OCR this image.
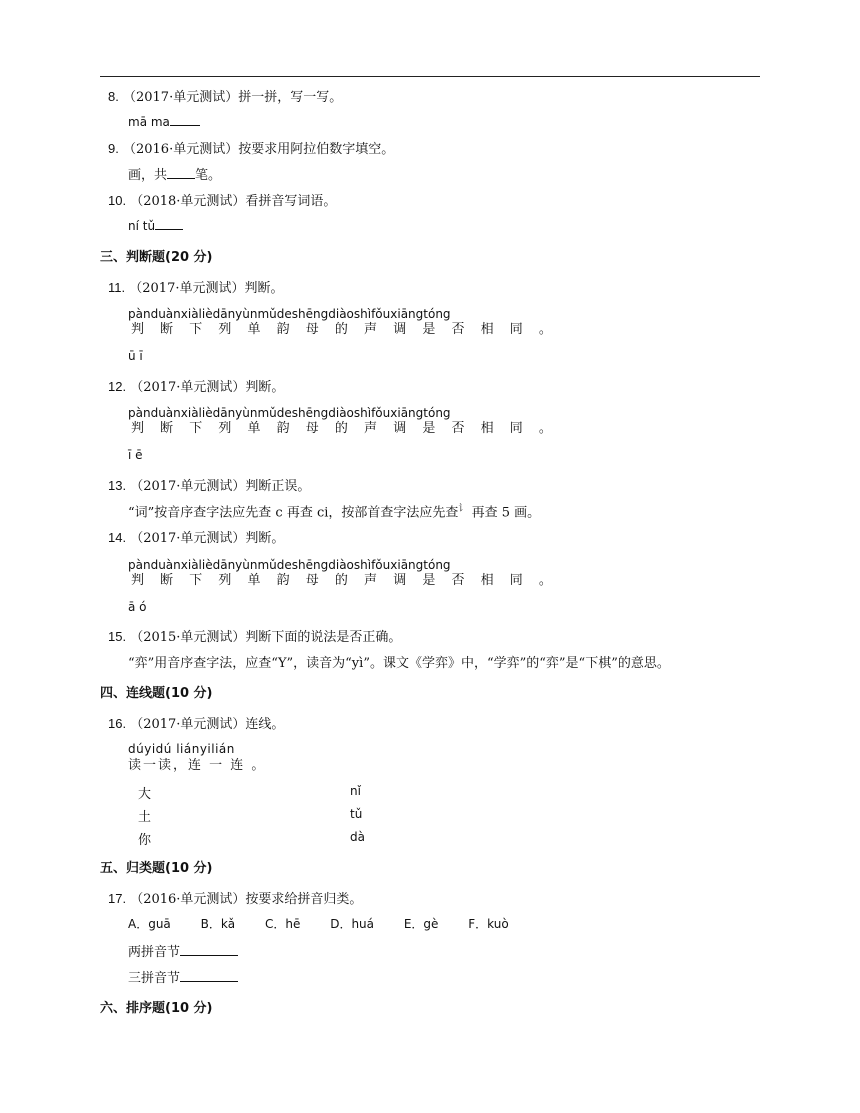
8. （2017·单元测试）拼一拼，写一写。
mā ma
9. （2016·单元测试）按要求用阿拉伯数字填空。
画，共 笔。
10. （2018·单元测试）看拼音写词语。
ní tǔ
三、判断题(20 分)
11. （2017·单元测试）判断。
pànduànxiàlièdānyùnmǔdeshēngdiàoshìfǒuxiāngtóng
判 断 下 列 单 韵 母 的 声 调 是 否 相 同 。
ū ī
12. （2017·单元测试）判断。
pànduànxiàlièdānyùnmǔdeshēngdiàoshìfǒuxiāngtóng
判 断 下 列 单 韵 母 的 声 调 是 否 相 同 。
ī ē
13. （2017·单元测试）判断正误。
“词”按音序查字法应先查 c 再查 ci，按部首查字法应先查$^讠$ 再查 5 画。
14. （2017·单元测试）判断。
pànduànxiàlièdānyùnmǔdeshēngdiàoshìfǒuxiāngtóng
判 断 下 列 单 韵 母 的 声 调 是 否 相 同 。
ā ó
15. （2015·单元测试）判断下面的说法是否正确。
“弈”用音序查字法，应查“Y”，读音为“yì”。课文《学弈》中，“学弈”的“弈”是“下棋”的意思。
四、连线题(10 分)
16. （2017·单元测试）连线。
dúyidú liányilián
读一读，连 一 连 。
大
土
你
nǐ
tǔ
dà
五、归类题(10 分)
17. （2016·单元测试）按要求给拼音归类。
A．guā B．kǎ C．hē D．huá E．gè F．kuò
两拼音节
三拼音节
六、排序题(10 分)
